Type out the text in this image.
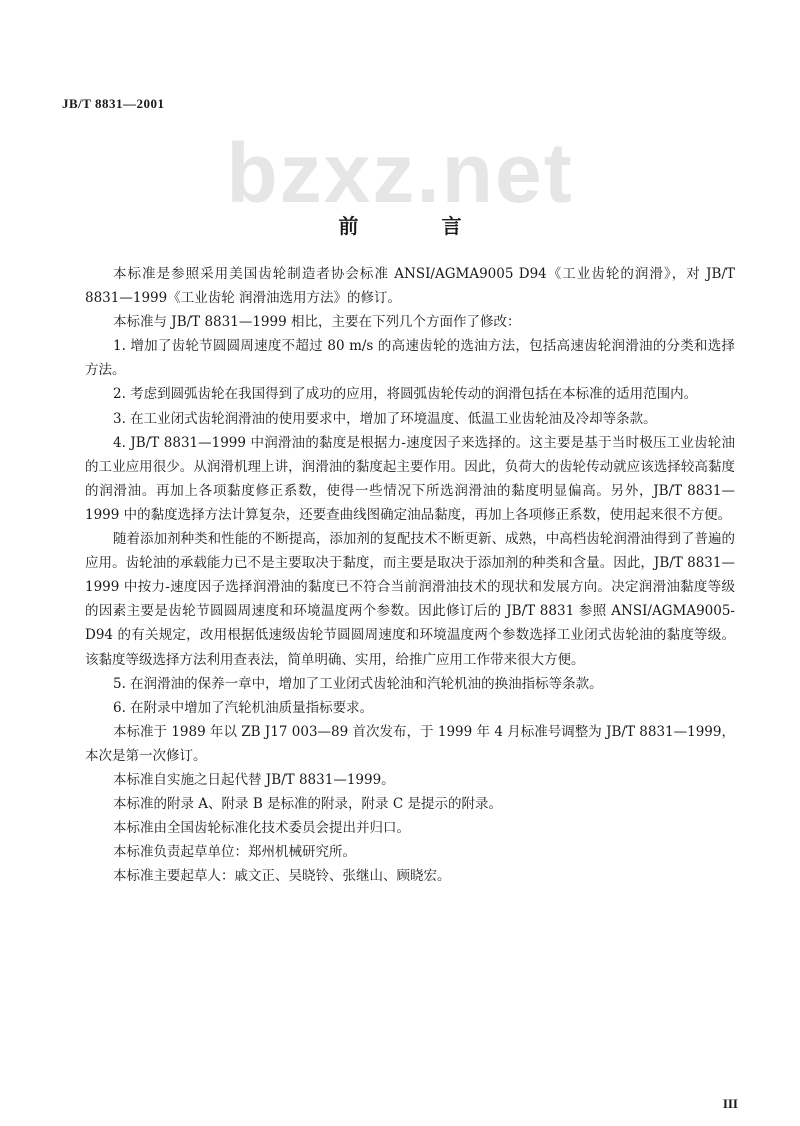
JB/T 8831—2001
bzxz.net
前 言

本标准是参照采用美国齿轮制造者协会标准 ANSI/AGMA9005 D94《工业齿轮的润滑》，对 JB/T 8831—1999《工业齿轮 润滑油选用方法》的修订。

本标准与 JB/T 8831—1999 相比，主要在下列几个方面作了修改：

1. 增加了齿轮节圆圆周速度不超过 80 m/s 的高速齿轮的选油方法，包括高速齿轮润滑油的分类和选择方法。

2. 考虑到圆弧齿轮在我国得到了成功的应用，将圆弧齿轮传动的润滑包括在本标准的适用范围内。

3. 在工业闭式齿轮润滑油的使用要求中，增加了环境温度、低温工业齿轮油及冷却等条款。

4. JB/T 8831—1999 中润滑油的黏度是根据力-速度因子来选择的。这主要是基于当时极压工业齿轮油的工业应用很少。从润滑机理上讲，润滑油的黏度起主要作用。因此，负荷大的齿轮传动就应该选择较高黏度的润滑油。再加上各项黏度修正系数，使得一些情况下所选润滑油的黏度明显偏高。另外，JB/T 8831—1999 中的黏度选择方法计算复杂，还要查曲线图确定油品黏度，再加上各项修正系数，使用起来很不方便。

随着添加剂种类和性能的不断提高，添加剂的复配技术不断更新、成熟，中高档齿轮润滑油得到了普遍的应用。齿轮油的承载能力已不是主要取决于黏度，而主要是取决于添加剂的种类和含量。因此，JB/T 8831—1999 中按力-速度因子选择润滑油的黏度已不符合当前润滑油技术的现状和发展方向。决定润滑油黏度等级的因素主要是齿轮节圆圆周速度和环境温度两个参数。因此修订后的 JB/T 8831 参照 ANSI/AGMA9005-D94 的有关规定，改用根据低速级齿轮节圆圆周速度和环境温度两个参数选择工业闭式齿轮油的黏度等级。该黏度等级选择方法利用查表法，简单明确、实用，给推广应用工作带来很大方便。

5. 在润滑油的保养一章中，增加了工业闭式齿轮油和汽轮机油的换油指标等条款。

6. 在附录中增加了汽轮机油质量指标要求。

本标准于 1989 年以 ZB J17 003—89 首次发布，于 1999 年 4 月标准号调整为 JB/T 8831—1999，本次是第一次修订。

本标准自实施之日起代替 JB/T 8831—1999。

本标准的附录 A、附录 B 是标准的附录，附录 C 是提示的附录。

本标准由全国齿轮标准化技术委员会提出并归口。

本标准负责起草单位：郑州机械研究所。

本标准主要起草人：戚文正、吴晓铃、张继山、顾晓宏。

III
